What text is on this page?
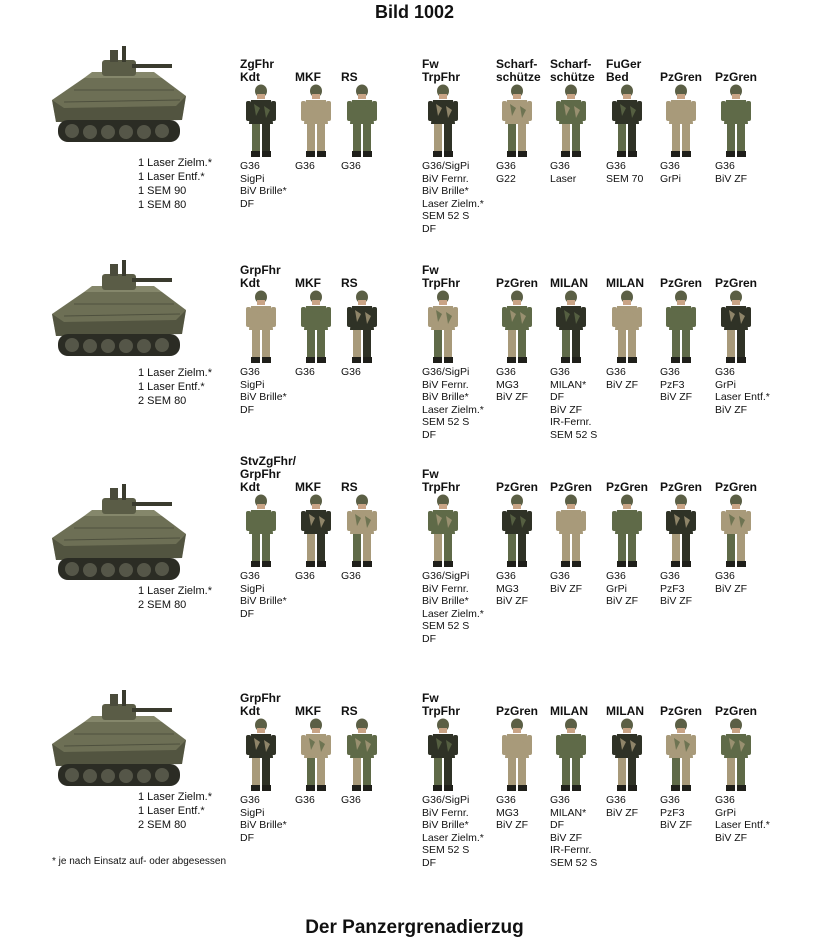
Bild 1002
1 Laser Zielm.*
1 Laser Entf.*
1 SEM 90
1 SEM 80
ZgFhr
Kdt
G36
SigPi
BiV Brille*
DF
MKF
G36
RS
G36
Fw
TrpFhr
G36/SigPi
BiV Fernr.
BiV Brille*
Laser Zielm.*
SEM 52 S
DF
Scharf-
schütze
G36
G22
Scharf-
schütze
G36
Laser
FuGer
Bed
G36
SEM 70
PzGren
G36
GrPi
PzGren
G36
BiV ZF
1 Laser Zielm.*
1 Laser Entf.*
2 SEM 80
GrpFhr
Kdt
G36
SigPi
BiV Brille*
DF
MKF
G36
RS
G36
Fw
TrpFhr
G36/SigPi
BiV Fernr.
BiV Brille*
Laser Zielm.*
SEM 52 S
DF
PzGren
G36
MG3
BiV ZF
MILAN
G36
MILAN*
DF
BiV ZF
IR-Fernr.
SEM 52 S
MILAN
G36
BiV ZF
PzGren
G36
PzF3
BiV ZF
PzGren
G36
GrPi
Laser Entf.*
BiV ZF
1 Laser Zielm.*
2 SEM 80
StvZgFhr/
GrpFhr
Kdt
G36
SigPi
BiV Brille*
DF
MKF
G36
RS
G36
Fw
TrpFhr
G36/SigPi
BiV Fernr.
BiV Brille*
Laser Zielm.*
SEM 52 S
DF
PzGren
G36
MG3
BiV ZF
PzGren
G36
BiV ZF
PzGren
G36
GrPi
BiV ZF
PzGren
G36
PzF3
BiV ZF
PzGren
G36
BiV ZF
1 Laser Zielm.*
1 Laser Entf.*
2 SEM 80
GrpFhr
Kdt
G36
SigPi
BiV Brille*
DF
MKF
G36
RS
G36
Fw
TrpFhr
G36/SigPi
BiV Fernr.
BiV Brille*
Laser Zielm.*
SEM 52 S
DF
PzGren
G36
MG3
BiV ZF
MILAN
G36
MILAN*
DF
BiV ZF
IR-Fernr.
SEM 52 S
MILAN
G36
BiV ZF
PzGren
G36
PzF3
BiV ZF
PzGren
G36
GrPi
Laser Entf.*
BiV ZF
* je nach Einsatz auf- oder abgesessen
Der Panzergrenadierzug
